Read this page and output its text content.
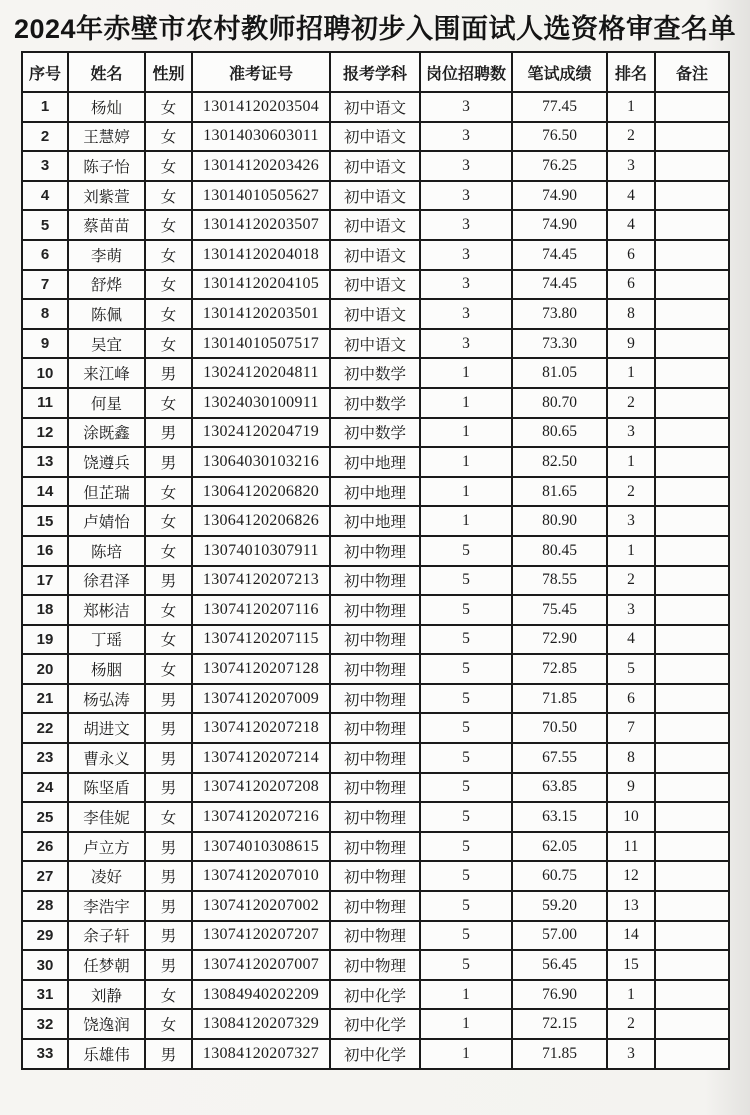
2024年赤壁市农村教师招聘初步入围面试人选资格审查名单
序号	姓名	性别	准考证号	报考学科	岗位招聘数	笔试成绩	排名	备注
1	杨灿	女	13014120203504	初中语文	3	77.45	1	
2	王慧婷	女	13014030603011	初中语文	3	76.50	2	
3	陈子怡	女	13014120203426	初中语文	3	76.25	3	
4	刘紫萱	女	13014010505627	初中语文	3	74.90	4	
5	蔡苗苗	女	13014120203507	初中语文	3	74.90	4	
6	李萌	女	13014120204018	初中语文	3	74.45	6	
7	舒烨	女	13014120204105	初中语文	3	74.45	6	
8	陈佩	女	13014120203501	初中语文	3	73.80	8	
9	吴宜	女	13014010507517	初中语文	3	73.30	9	
10	来江峰	男	13024120204811	初中数学	1	81.05	1	
11	何星	女	13024030100911	初中数学	1	80.70	2	
12	涂既鑫	男	13024120204719	初中数学	1	80.65	3	
13	饶遵兵	男	13064030103216	初中地理	1	82.50	1	
14	但芷瑞	女	13064120206820	初中地理	1	81.65	2	
15	卢婧怡	女	13064120206826	初中地理	1	80.90	3	
16	陈培	女	13074010307911	初中物理	5	80.45	1	
17	徐君泽	男	13074120207213	初中物理	5	78.55	2	
18	郑彬洁	女	13074120207116	初中物理	5	75.45	3	
19	丁瑶	女	13074120207115	初中物理	5	72.90	4	
20	杨胭	女	13074120207128	初中物理	5	72.85	5	
21	杨弘涛	男	13074120207009	初中物理	5	71.85	6	
22	胡进文	男	13074120207218	初中物理	5	70.50	7	
23	曹永义	男	13074120207214	初中物理	5	67.55	8	
24	陈坚盾	男	13074120207208	初中物理	5	63.85	9	
25	李佳妮	女	13074120207216	初中物理	5	63.15	10	
26	卢立方	男	13074010308615	初中物理	5	62.05	11	
27	凌好	男	13074120207010	初中物理	5	60.75	12	
28	李浩宇	男	13074120207002	初中物理	5	59.20	13	
29	余子轩	男	13074120207207	初中物理	5	57.00	14	
30	任梦朝	男	13074120207007	初中物理	5	56.45	15	
31	刘静	女	13084940202209	初中化学	1	76.90	1	
32	饶逸润	女	13084120207329	初中化学	1	72.15	2	
33	乐雄伟	男	13084120207327	初中化学	1	71.85	3	
